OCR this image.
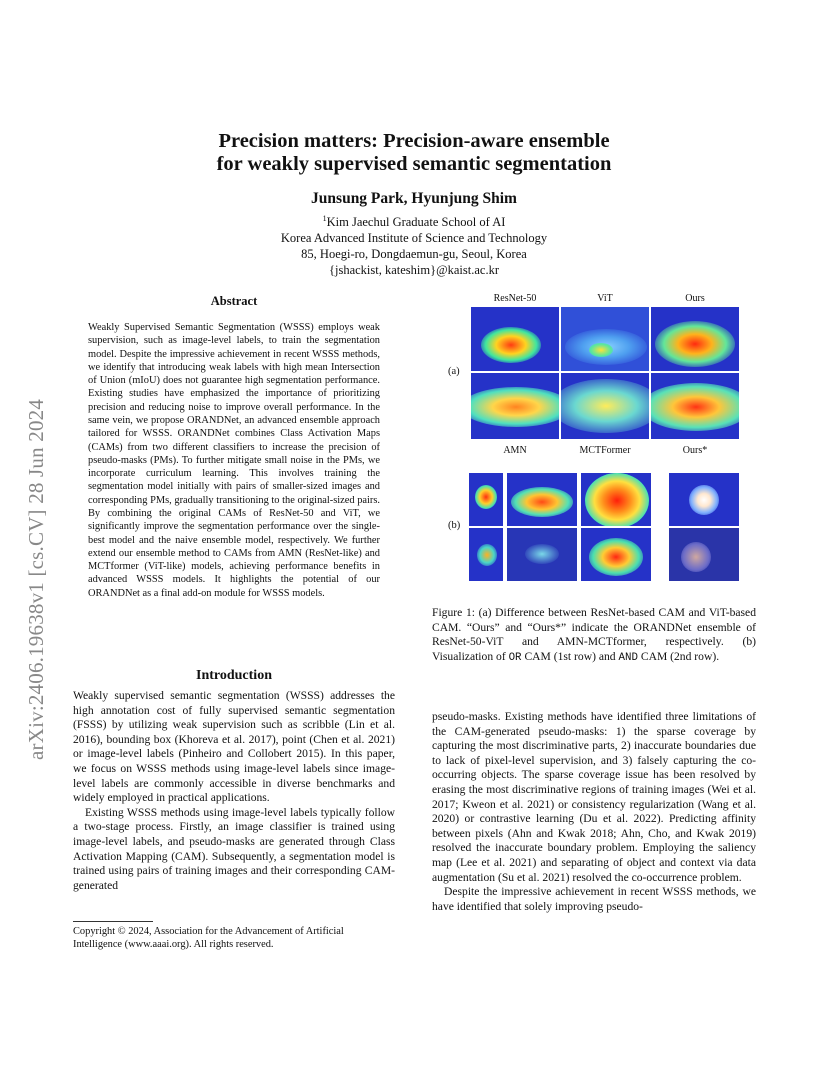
arXiv:2406.19638v1 [cs.CV] 28 Jun 2024
Precision matters: Precision-aware ensemble
for weakly supervised semantic segmentation
Junsung Park, Hyunjung Shim
$^1$Kim Jaechul Graduate School of AI
Korea Advanced Institute of Science and Technology
85, Hoegi-ro, Dongdaemun-gu, Seoul, Korea
{jshackist, kateshim}@kaist.ac.kr
Abstract
Weakly Supervised Semantic Segmentation (WSSS) employs weak supervision, such as image-level labels, to train the segmentation model. Despite the impressive achievement in recent WSSS methods, we identify that introducing weak labels with high mean Intersection of Union (mIoU) does not guarantee high segmentation performance. Existing studies have emphasized the importance of prioritizing precision and reducing noise to improve overall performance. In the same vein, we propose ORANDNet, an advanced ensemble approach tailored for WSSS. ORANDNet combines Class Activation Maps (CAMs) from two different classifiers to increase the precision of pseudo-masks (PMs). To further mitigate small noise in the PMs, we incorporate curriculum learning. This involves training the segmentation model initially with pairs of smaller-sized images and corresponding PMs, gradually transitioning to the original-sized pairs. By combining the original CAMs of ResNet-50 and ViT, we significantly improve the segmentation performance over the single-best model and the naive ensemble model, respectively. We further extend our ensemble method to CAMs from AMN (ResNet-like) and MCTformer (ViT-like) models, achieving performance benefits in advanced WSSS models. It highlights the potential of our ORANDNet as a final add-on module for WSSS models.
Introduction

Weakly supervised semantic segmentation (WSSS) addresses the high annotation cost of fully supervised semantic segmentation (FSSS) by utilizing weak supervision such as scribble (Lin et al. 2016), bounding box (Khoreva et al. 2017), point (Chen et al. 2021) or image-level labels (Pinheiro and Collobert 2015). In this paper, we focus on WSSS methods using image-level labels since image-level labels are commonly accessible in diverse benchmarks and widely employed in practical applications.

Existing WSSS methods using image-level labels typically follow a two-stage process. Firstly, an image classifier is trained using image-level labels, and pseudo-masks are generated through Class Activation Mapping (CAM). Subsequently, a segmentation model is trained using pairs of training images and their corresponding CAM-generated

Copyright © 2024, Association for the Advancement of Artificial Intelligence (www.aaai.org). All rights reserved.
ResNet-50	ViT	Ours
(a)
AMN	MCTFormer	Ours*
(b)
Figure 1: (a) Difference between ResNet-based CAM and ViT-based CAM. “Ours” and “Ours*” indicate the ORANDNet ensemble of ResNet-50-ViT and AMN-MCTformer, respectively. (b) Visualization of OR CAM (1st row) and AND CAM (2nd row).

pseudo-masks. Existing methods have identified three limitations of the CAM-generated pseudo-masks: 1) the sparse coverage by capturing the most discriminative parts, 2) inaccurate boundaries due to lack of pixel-level supervision, and 3) falsely capturing the co-occurring objects. The sparse coverage issue has been resolved by erasing the most discriminative regions of training images (Wei et al. 2017; Kweon et al. 2021) or consistency regularization (Wang et al. 2020) or contrastive learning (Du et al. 2022). Predicting affinity between pixels (Ahn and Kwak 2018; Ahn, Cho, and Kwak 2019) resolved the inaccurate boundary problem. Employing the saliency map (Lee et al. 2021) and separating of object and context via data augmentation (Su et al. 2021) resolved the co-occurrence problem.

Despite the impressive achievement in recent WSSS methods, we have identified that solely improving pseudo-
